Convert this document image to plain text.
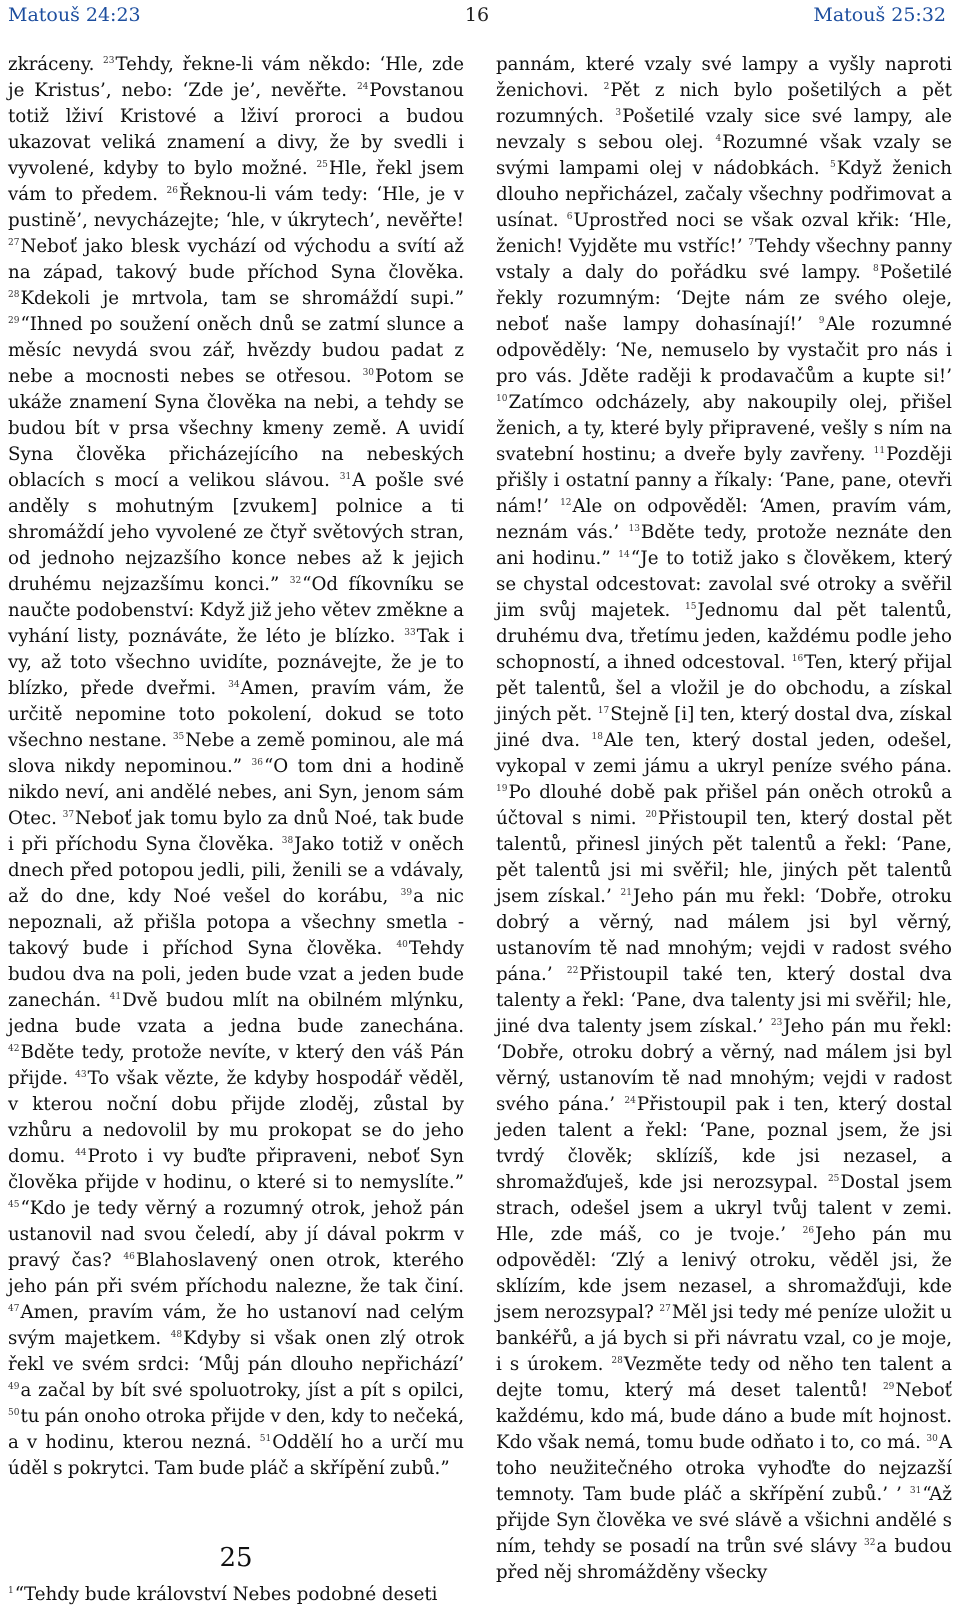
Matouš 24:23	16	Matouš 25:32
zkráceny. $^{23}$Tehdy, řekne-li vám někdo: ‘Hle, zde je Kristus’, nebo: ‘Zde je’, nevěřte. $^{24}$Povstanou totiž lživí Kristové a lživí proroci a budou ukazovat veliká znamení a divy, že by svedli i vyvolené, kdyby to bylo možné. $^{25}$Hle, řekl jsem vám to předem. $^{26}$Řeknou-li vám tedy: ‘Hle, je v pustině’, nevycházejte; ‘hle, v úkrytech’, nevěřte! $^{27}$Neboť jako blesk vychází od východu a svítí až na západ, takový bude příchod Syna člověka. $^{28}$Kdekoli je mrtvola, tam se shromáždí supi.” $^{29}$“Ihned po soužení oněch dnů se zatmí slunce a měsíc nevydá svou zář, hvězdy budou padat z nebe a mocnosti nebes se otřesou. $^{30}$Potom se ukáže znamení Syna člověka na nebi, a tehdy se budou bít v prsa všechny kmeny země. A uvidí Syna člověka přicházejícího na nebeských oblacích s mocí a velikou slávou. $^{31}$A pošle své anděly s mohutným [zvukem] polnice a ti shromáždí jeho vyvolené ze čtyř světových stran, od jednoho nejzazšího konce nebes až k jejich druhému nejzazšímu konci.” $^{32}$“Od fíkovníku se naučte podobenství: Když již jeho větev změkne a vyhání listy, poznáváte, že léto je blízko. $^{33}$Tak i vy, až toto všechno uvidíte, poznávejte, že je to blízko, přede dveřmi. $^{34}$Amen, pravím vám, že určitě nepomine toto pokolení, dokud se toto všechno nestane. $^{35}$Nebe a země pominou, ale má slova nikdy nepominou.” $^{36}$“O tom dni a hodině nikdo neví, ani andělé nebes, ani Syn, jenom sám Otec. $^{37}$Neboť jak tomu bylo za dnů Noé, tak bude i při příchodu Syna člověka. $^{38}$Jako totiž v oněch dnech před potopou jedli, pili, ženili se a vdávaly, až do dne, kdy Noé vešel do korábu, $^{39}$a nic nepoznali, až přišla potopa a všechny smetla - takový bude i příchod Syna člověka. $^{40}$Tehdy budou dva na poli, jeden bude vzat a jeden bude zanechán. $^{41}$Dvě budou mlít na obilném mlýnku, jedna bude vzata a jedna bude zanechána. $^{42}$Bděte tedy, protože nevíte, v který den váš Pán přijde. $^{43}$To však vězte, že kdyby hospodář věděl, v kterou noční dobu přijde zloděj, zůstal by vzhůru a nedovolil by mu prokopat se do jeho domu. $^{44}$Proto i vy buďte připraveni, neboť Syn člověka přijde v hodinu, o které si to nemyslíte.” $^{45}$“Kdo je tedy věrný a rozumný otrok, jehož pán ustanovil nad svou čeledí, aby jí dával pokrm v pravý čas? $^{46}$Blahoslavený onen otrok, kterého jeho pán při svém příchodu nalezne, že tak činí. $^{47}$Amen, pravím vám, že ho ustanoví nad celým svým majetkem. $^{48}$Kdyby si však onen zlý otrok řekl ve svém srdci: ‘Můj pán dlouho nepřichází’ $^{49}$a začal by bít své spoluotroky, jíst a pít s opilci, $^{50}$tu pán onoho otroka přijde v den, kdy to nečeká, a v hodinu, kterou nezná. $^{51}$Oddělí ho a určí mu úděl s pokrytci. Tam bude pláč a skřípění zubů.”
25
$^1$“Tehdy bude království Nebes podobné deseti
pannám, které vzaly své lampy a vyšly naproti ženichovi. $^2$Pět z nich bylo pošetilých a pět rozumných. $^3$Pošetilé vzaly sice své lampy, ale nevzaly s sebou olej. $^4$Rozumné však vzaly se svými lampami olej v nádobkách. $^5$Když ženich dlouho nepřicházel, začaly všechny podřimovat a usínat. $^6$Uprostřed noci se však ozval křik: ‘Hle, ženich! Vyjděte mu vstříc!’ $^7$Tehdy všechny panny vstaly a daly do pořádku své lampy. $^8$Pošetilé řekly rozumným: ‘Dejte nám ze svého oleje, neboť naše lampy dohasínají!’ $^9$Ale rozumné odpověděly: ‘Ne, nemuselo by vystačit pro nás i pro vás. Jděte raději k prodavačům a kupte si!’ $^{10}$Zatímco odcházely, aby nakoupily olej, přišel ženich, a ty, které byly připravené, vešly s ním na svatební hostinu; a dveře byly zavřeny. $^{11}$Později přišly i ostatní panny a říkaly: ‘Pane, pane, otevři nám!’ $^{12}$Ale on odpověděl: ‘Amen, pravím vám, neznám vás.’ $^{13}$Bděte tedy, protože neznáte den ani hodinu.” $^{14}$“Je to totiž jako s člověkem, který se chystal odcestovat: zavolal své otroky a svěřil jim svůj majetek. $^{15}$Jednomu dal pět talentů, druhému dva, třetímu jeden, každému podle jeho schopností, a ihned odcestoval. $^{16}$Ten, který přijal pět talentů, šel a vložil je do obchodu, a získal jiných pět. $^{17}$Stejně [i] ten, který dostal dva, získal jiné dva. $^{18}$Ale ten, který dostal jeden, odešel, vykopal v zemi jámu a ukryl peníze svého pána. $^{19}$Po dlouhé době pak přišel pán oněch otroků a účtoval s nimi. $^{20}$Přistoupil ten, který dostal pět talentů, přinesl jiných pět talentů a řekl: ‘Pane, pět talentů jsi mi svěřil; hle, jiných pět talentů jsem získal.’ $^{21}$Jeho pán mu řekl: ‘Dobře, otroku dobrý a věrný, nad málem jsi byl věrný, ustanovím tě nad mnohým; vejdi v radost svého pána.’ $^{22}$Přistoupil také ten, který dostal dva talenty a řekl: ‘Pane, dva talenty jsi mi svěřil; hle, jiné dva talenty jsem získal.’ $^{23}$Jeho pán mu řekl: ‘Dobře, otroku dobrý a věrný, nad málem jsi byl věrný, ustanovím tě nad mnohým; vejdi v radost svého pána.’ $^{24}$Přistoupil pak i ten, který dostal jeden talent a řekl: ‘Pane, poznal jsem, že jsi tvrdý člověk; sklízíš, kde jsi nezasel, a shromažďuješ, kde jsi nerozsypal. $^{25}$Dostal jsem strach, odešel jsem a ukryl tvůj talent v zemi. Hle, zde máš, co je tvoje.’ $^{26}$Jeho pán mu odpověděl: ‘Zlý a lenivý otroku, věděl jsi, že sklízím, kde jsem nezasel, a shromažďuji, kde jsem nerozsypal? $^{27}$Měl jsi tedy mé peníze uložit u bankéřů, a já bych si při návratu vzal, co je moje, i s úrokem. $^{28}$Vezměte tedy od něho ten talent a dejte tomu, který má deset talentů! $^{29}$Neboť každému, kdo má, bude dáno a bude mít hojnost. Kdo však nemá, tomu bude odňato i to, co má. $^{30}$A toho neužitečného otroka vyhoďte do nejzazší temnoty. Tam bude pláč a skřípění zubů.’ ’ $^{31}$“Až přijde Syn člověka ve své slávě a všichni andělé s ním, tehdy se posadí na trůn své slávy $^{32}$a budou před něj shromážděny všecky
